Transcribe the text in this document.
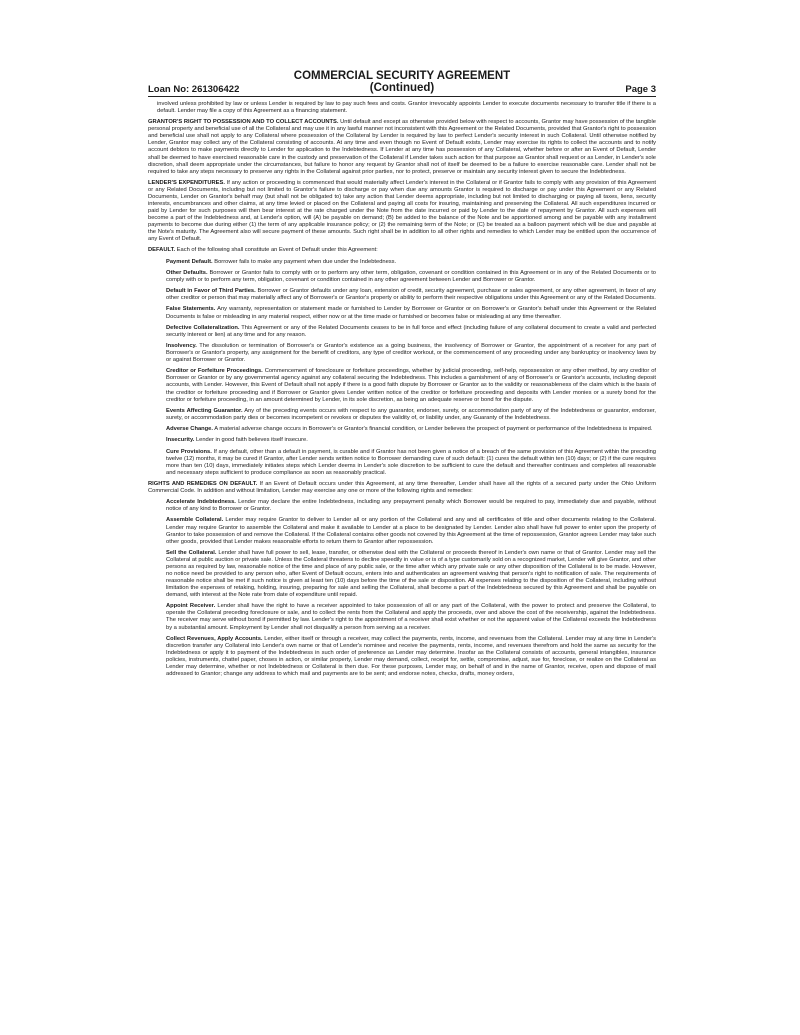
COMMERCIAL SECURITY AGREEMENT
(Continued)
Loan No: 261306422	Page 3
involved unless prohibited by law or unless Lender is required by law to pay such fees and costs. Grantor irrevocably appoints Lender to execute documents necessary to transfer title if there is a default. Lender may file a copy of this Agreement as a financing statement.
GRANTOR'S RIGHT TO POSSESSION AND TO COLLECT ACCOUNTS. Until default and except as otherwise provided below with respect to accounts, Grantor may have possession of the tangible personal property and beneficial use of all the Collateral and may use it in any lawful manner not inconsistent with this Agreement or the Related Documents, provided that Grantor's right to possession and beneficial use shall not apply to any Collateral where possession of the Collateral by Lender is required by law to perfect Lender's security interest in such Collateral. Until otherwise notified by Lender, Grantor may collect any of the Collateral consisting of accounts. At any time and even though no Event of Default exists, Lender may exercise its rights to collect the accounts and to notify account debtors to make payments directly to Lender for application to the Indebtedness. If Lender at any time has possession of any Collateral, whether before or after an Event of Default, Lender shall be deemed to have exercised reasonable care in the custody and preservation of the Collateral if Lender takes such action for that purpose as Grantor shall request or as Lender, in Lender's sole discretion, shall deem appropriate under the circumstances, but failure to honor any request by Grantor shall not of itself be deemed to be a failure to exercise reasonable care. Lender shall not be required to take any steps necessary to preserve any rights in the Collateral against prior parties, nor to protect, preserve or maintain any security interest given to secure the Indebtedness.
LENDER'S EXPENDITURES. If any action or proceeding is commenced that would materially affect Lender's interest in the Collateral or if Grantor fails to comply with any provision of this Agreement or any Related Documents, including but not limited to Grantor's failure to discharge or pay when due any amounts Grantor is required to discharge or pay under this Agreement or any Related Documents, Lender on Grantor's behalf may (but shall not be obligated to) take any action that Lender deems appropriate, including but not limited to discharging or paying all taxes, liens, security interests, encumbrances and other claims, at any time levied or placed on the Collateral and paying all costs for insuring, maintaining and preserving the Collateral. All such expenditures incurred or paid by Lender for such purposes will then bear interest at the rate charged under the Note from the date incurred or paid by Lender to the date of repayment by Grantor. All such expenses will become a part of the Indebtedness and, at Lender's option, will (A) be payable on demand; (B) be added to the balance of the Note and be apportioned among and be payable with any installment payments to become due during either (1) the term of any applicable insurance policy; or (2) the remaining term of the Note; or (C) be treated as a balloon payment which will be due and payable at the Note's maturity. The Agreement also will secure payment of these amounts. Such right shall be in addition to all other rights and remedies to which Lender may be entitled upon the occurrence of any Event of Default.
DEFAULT. Each of the following shall constitute an Event of Default under this Agreement:
Payment Default. Borrower fails to make any payment when due under the Indebtedness.
Other Defaults. Borrower or Grantor fails to comply with or to perform any other term, obligation, covenant or condition contained in this Agreement or in any of the Related Documents or to comply with or to perform any term, obligation, covenant or condition contained in any other agreement between Lender and Borrower or Grantor.
Default in Favor of Third Parties. Borrower or Grantor defaults under any loan, extension of credit, security agreement, purchase or sales agreement, or any other agreement, in favor of any other creditor or person that may materially affect any of Borrower's or Grantor's property or ability to perform their respective obligations under this Agreement or any of the Related Documents.
False Statements. Any warranty, representation or statement made or furnished to Lender by Borrower or Grantor or on Borrower's or Grantor's behalf under this Agreement or the Related Documents is false or misleading in any material respect, either now or at the time made or furnished or becomes false or misleading at any time thereafter.
Defective Collateralization. This Agreement or any of the Related Documents ceases to be in full force and effect (including failure of any collateral document to create a valid and perfected security interest or lien) at any time and for any reason.
Insolvency. The dissolution or termination of Borrower's or Grantor's existence as a going business, the insolvency of Borrower or Grantor, the appointment of a receiver for any part of Borrower's or Grantor's property, any assignment for the benefit of creditors, any type of creditor workout, or the commencement of any proceeding under any bankruptcy or insolvency laws by or against Borrower or Grantor.
Creditor or Forfeiture Proceedings. Commencement of foreclosure or forfeiture proceedings, whether by judicial proceeding, self-help, repossession or any other method, by any creditor of Borrower or Grantor or by any governmental agency against any collateral securing the Indebtedness. This includes a garnishment of any of Borrower's or Grantor's accounts, including deposit accounts, with Lender. However, this Event of Default shall not apply if there is a good faith dispute by Borrower or Grantor as to the validity or reasonableness of the claim which is the basis of the creditor or forfeiture proceeding and if Borrower or Grantor gives Lender written notice of the creditor or forfeiture proceeding and deposits with Lender monies or a surety bond for the creditor or forfeiture proceeding, in an amount determined by Lender, in its sole discretion, as being an adequate reserve or bond for the dispute.
Events Affecting Guarantor. Any of the preceding events occurs with respect to any guarantor, endorser, surety, or accommodation party of any of the Indebtedness or guarantor, endorser, surety, or accommodation party dies or becomes incompetent or revokes or disputes the validity of, or liability under, any Guaranty of the Indebtedness.
Adverse Change. A material adverse change occurs in Borrower's or Grantor's financial condition, or Lender believes the prospect of payment or performance of the Indebtedness is impaired.
Insecurity. Lender in good faith believes itself insecure.
Cure Provisions. If any default, other than a default in payment, is curable and if Grantor has not been given a notice of a breach of the same provision of this Agreement within the preceding twelve (12) months, it may be cured if Grantor, after Lender sends written notice to Borrower demanding cure of such default: (1) cures the default within ten (10) days; or (2) if the cure requires more than ten (10) days, immediately initiates steps which Lender deems in Lender's sole discretion to be sufficient to cure the default and thereafter continues and completes all reasonable and necessary steps sufficient to produce compliance as soon as reasonably practical.
RIGHTS AND REMEDIES ON DEFAULT. If an Event of Default occurs under this Agreement, at any time thereafter, Lender shall have all the rights of a secured party under the Ohio Uniform Commercial Code. In addition and without limitation, Lender may exercise any one or more of the following rights and remedies:
Accelerate Indebtedness. Lender may declare the entire Indebtedness, including any prepayment penalty which Borrower would be required to pay, immediately due and payable, without notice of any kind to Borrower or Grantor.
Assemble Collateral. Lender may require Grantor to deliver to Lender all or any portion of the Collateral and any and all certificates of title and other documents relating to the Collateral. Lender may require Grantor to assemble the Collateral and make it available to Lender at a place to be designated by Lender. Lender also shall have full power to enter upon the property of Grantor to take possession of and remove the Collateral. If the Collateral contains other goods not covered by this Agreement at the time of repossession, Grantor agrees Lender may take such other goods, provided that Lender makes reasonable efforts to return them to Grantor after repossession.
Sell the Collateral. Lender shall have full power to sell, lease, transfer, or otherwise deal with the Collateral or proceeds thereof in Lender's own name or that of Grantor. Lender may sell the Collateral at public auction or private sale. Unless the Collateral threatens to decline speedily in value or is of a type customarily sold on a recognized market, Lender will give Grantor, and other persons as required by law, reasonable notice of the time and place of any public sale, or the time after which any private sale or any other disposition of the Collateral is to be made. However, no notice need be provided to any person who, after Event of Default occurs, enters into and authenticates an agreement waiving that person's right to notification of sale. The requirements of reasonable notice shall be met if such notice is given at least ten (10) days before the time of the sale or disposition. All expenses relating to the disposition of the Collateral, including without limitation the expenses of retaking, holding, insuring, preparing for sale and selling the Collateral, shall become a part of the Indebtedness secured by this Agreement and shall be payable on demand, with interest at the Note rate from date of expenditure until repaid.
Appoint Receiver. Lender shall have the right to have a receiver appointed to take possession of all or any part of the Collateral, with the power to protect and preserve the Collateral, to operate the Collateral preceding foreclosure or sale, and to collect the rents from the Collateral and apply the proceeds, over and above the cost of the receivership, against the Indebtedness. The receiver may serve without bond if permitted by law. Lender's right to the appointment of a receiver shall exist whether or not the apparent value of the Collateral exceeds the Indebtedness by a substantial amount. Employment by Lender shall not disqualify a person from serving as a receiver.
Collect Revenues, Apply Accounts. Lender, either itself or through a receiver, may collect the payments, rents, income, and revenues from the Collateral. Lender may at any time in Lender's discretion transfer any Collateral into Lender's own name or that of Lender's nominee and receive the payments, rents, income, and revenues therefrom and hold the same as security for the Indebtedness or apply it to payment of the Indebtedness in such order of preference as Lender may determine. Insofar as the Collateral consists of accounts, general intangibles, insurance policies, instruments, chattel paper, choses in action, or similar property, Lender may demand, collect, receipt for, settle, compromise, adjust, sue for, foreclose, or realize on the Collateral as Lender may determine, whether or not Indebtedness or Collateral is then due. For these purposes, Lender may, on behalf of and in the name of Grantor, receive, open and dispose of mail addressed to Grantor; change any address to which mail and payments are to be sent; and endorse notes, checks, drafts, money orders,
